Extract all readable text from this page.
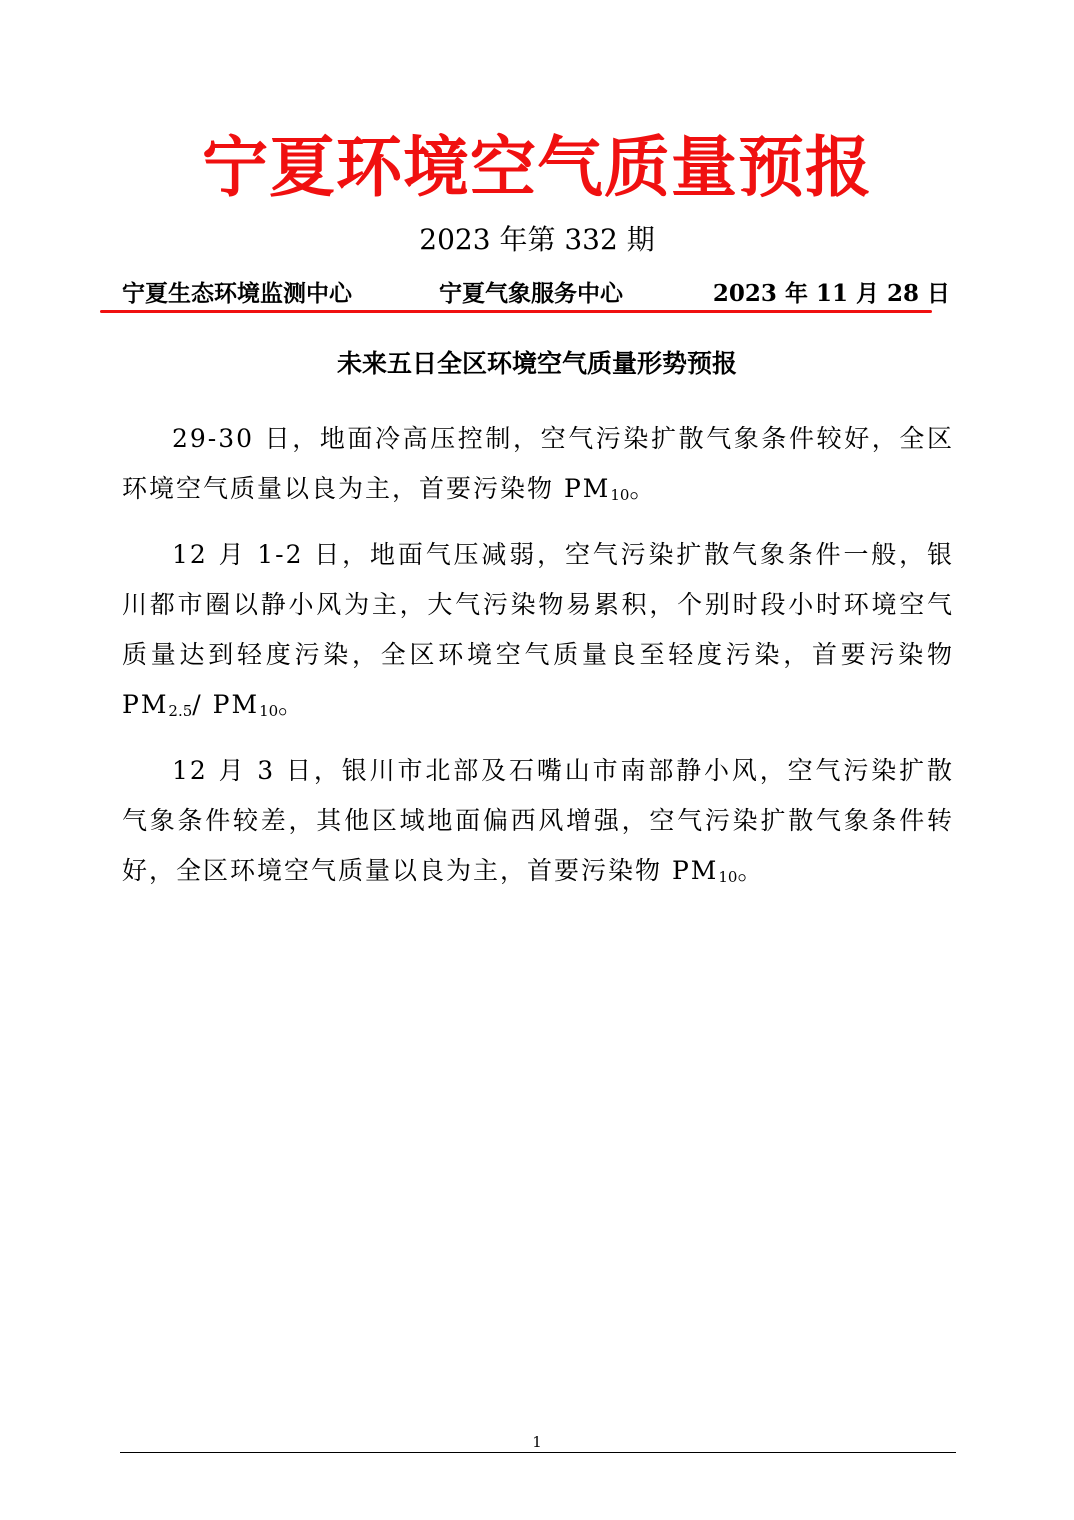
宁夏环境空气质量预报
2023 年第 332 期
宁夏生态环境监测中心	宁夏气象服务中心	2023 年 11 月 28 日
未来五日全区环境空气质量形势预报

29-30 日，地面冷高压控制，空气污染扩散气象条件较好，全区环境空气质量以良为主，首要污染物 $PM_{10}$。

12 月 1-2 日，地面气压减弱，空气污染扩散气象条件一般，银川都市圈以静小风为主，大气污染物易累积，个别时段小时环境空气质量达到轻度污染，全区环境空气质量良至轻度污染，首要污染物 $PM_{2.5}/$ $PM_{10}$。

12 月 3 日，银川市北部及石嘴山市南部静小风，空气污染扩散气象条件较差，其他区域地面偏西风增强，空气污染扩散气象条件转好，全区环境空气质量以良为主，首要污染物 $PM_{10}$。

1
